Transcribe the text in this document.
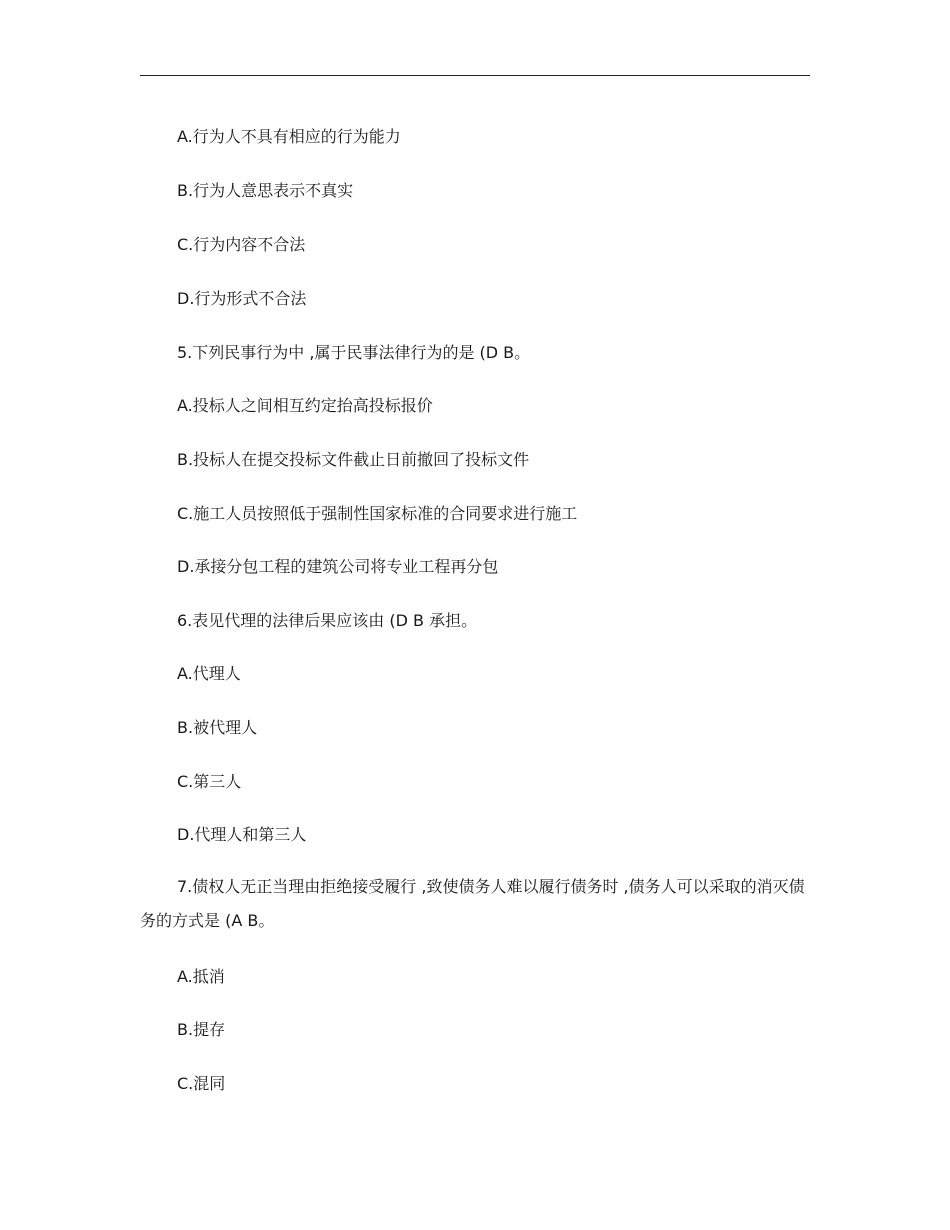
A.行为人不具有相应的行为能力
B.行为人意思表示不真实
C.行为内容不合法
D.行为形式不合法
5.下列民事行为中 ,属于民事法律行为的是 (D B。
A.投标人之间相互约定抬高投标报价
B.投标人在提交投标文件截止日前撤回了投标文件
C.施工人员按照低于强制性国家标准的合同要求进行施工
D.承接分包工程的建筑公司将专业工程再分包
6.表见代理的法律后果应该由 (D B 承担。
A.代理人
B.被代理人
C.第三人
D.代理人和第三人
7.债权人无正当理由拒绝接受履行 ,致使债务人难以履行债务时 ,债务人可以采取的消灭债务的方式是 (A B。
A.抵消
B.提存
C.混同
